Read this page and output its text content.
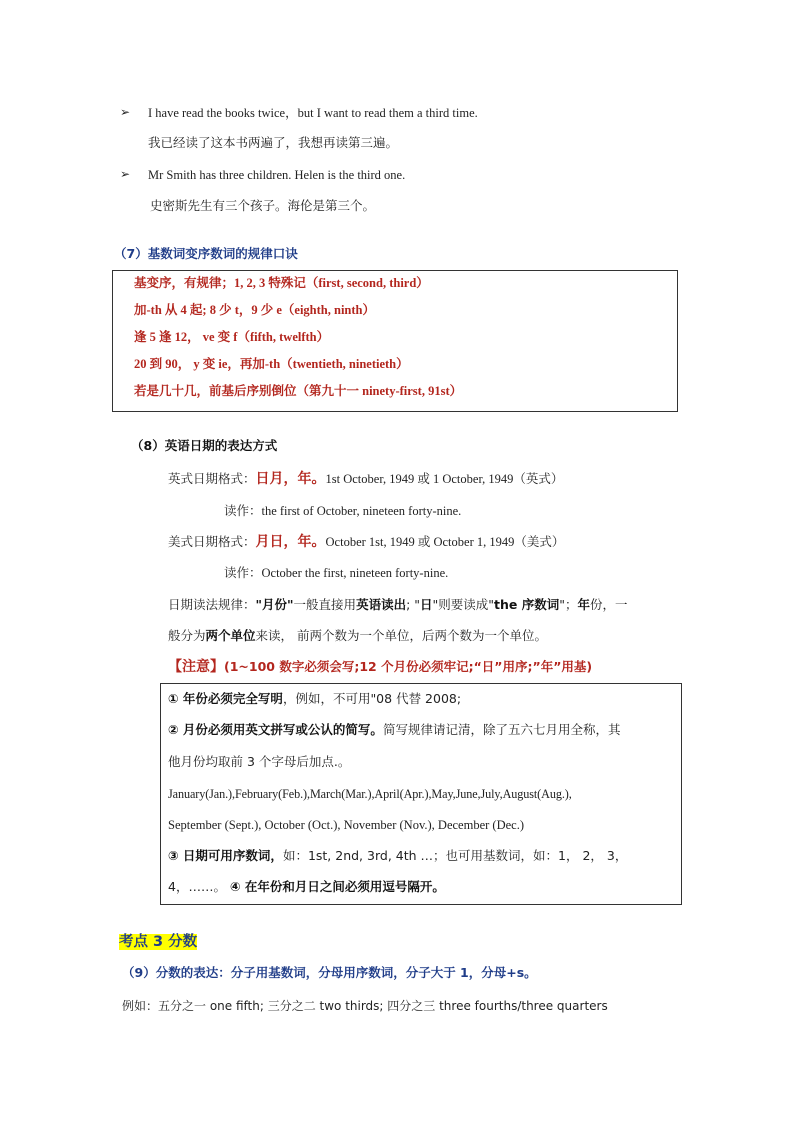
➢ I have read the books twice，but I want to read them a third time.
我已经读了这本书两遍了，我想再读第三遍。
➢ Mr Smith has three children. Helen is the third one.
史密斯先生有三个孩子。海伦是第三个。
（7）基数词变序数词的规律口诀
基变序，有规律；1, 2, 3 特殊记（first, second, third）
加-th 从 4 起; 8 少 t，9 少 e（eighth, ninth）
逢 5 逢 12， ve 变 f（fifth, twelfth）
20 到 90， y 变 ie，再加-th（twentieth, ninetieth）
若是几十几，前基后序别倒位（第九十一 ninety-first, 91st）
（8）英语日期的表达方式
英式日期格式：日月，年。1st October, 1949 或 1 October, 1949（英式）
读作：the first of October, nineteen forty-nine.
美式日期格式：月日，年。October 1st, 1949 或 October 1, 1949（美式）
读作：October the first, nineteen forty-nine.
日期读法规律："月份"一般直接用英语读出; "日"则要读成"the 序数词"；年份，一
般分为两个单位来读， 前两个数为一个单位，后两个数为一个单位。
【注意】(1~100 数字必须会写;12 个月份必须牢记;“日”用序;”年”用基)
① 年份必须完全写明，例如，不可用"08 代替 2008;
② 月份必须用英文拼写或公认的简写。简写规律请记清，除了五六七月用全称，其
他月份均取前 3 个字母后加点.。
January(Jan.),February(Feb.),March(Mar.),April(Apr.),May,June,July,August(Aug.),
September (Sept.), October (Oct.), November (Nov.), December (Dec.)
③ 日期可用序数词，如：1st, 2nd, 3rd, 4th …；也可用基数词，如：1， 2， 3，
4，……。 ④ 在年份和月日之间必须用逗号隔开。
考点 3 分数
（9）分数的表达：分子用基数词，分母用序数词，分子大于 1，分母+s。
例如：五分之一 one fifth; 三分之二 two thirds; 四分之三 three fourths/three quarters
